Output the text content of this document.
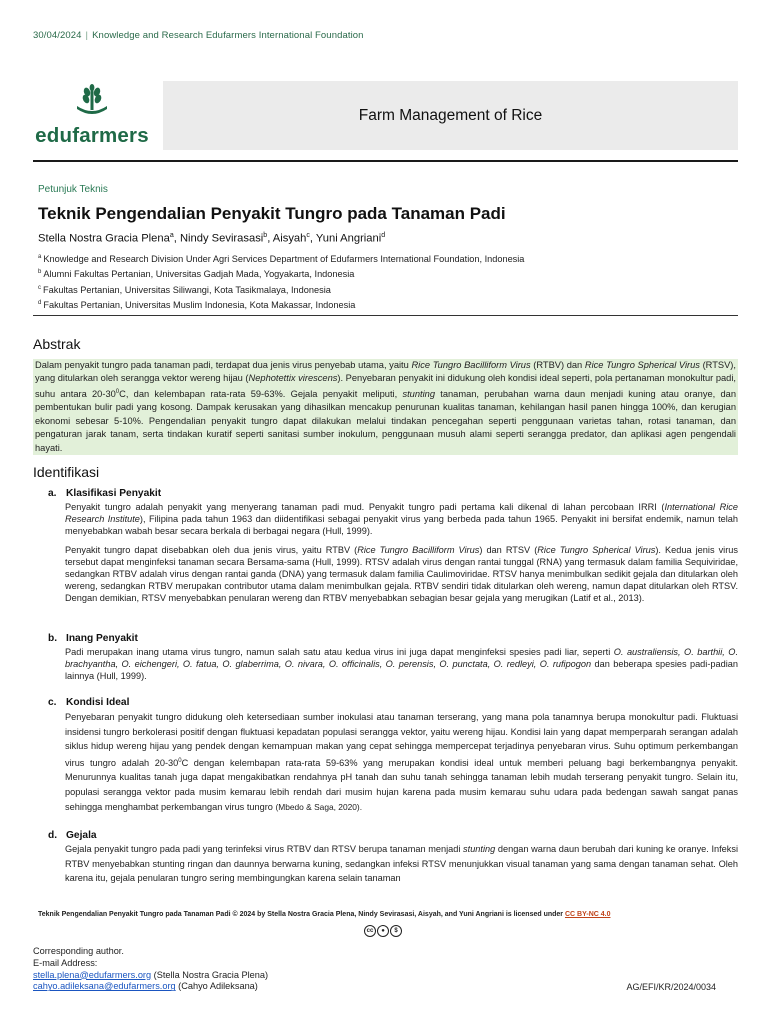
30/04/2024 | Knowledge and Research Edufarmers International Foundation
edufarmers
Farm Management of Rice
Petunjuk Teknis
Teknik Pengendalian Penyakit Tungro pada Tanaman Padi
Stella Nostra Gracia Plena$^a$, Nindy Sevirasasi$^b$, Aisyah$^c$, Yuni Angriani$^d$
$^a$ Knowledge and Research Division Under Agri Services Department of Edufarmers International Foundation, Indonesia
$^b$ Alumni Fakultas Pertanian, Universitas Gadjah Mada, Yogyakarta, Indonesia
$^c$ Fakultas Pertanian, Universitas Siliwangi, Kota Tasikmalaya, Indonesia
$^d$ Fakultas Pertanian, Universitas Muslim Indonesia, Kota Makassar, Indonesia
Abstrak
Dalam penyakit tungro pada tanaman padi, terdapat dua jenis virus penyebab utama, yaitu Rice Tungro Bacilliform Virus (RTBV) dan Rice Tungro Spherical Virus (RTSV), yang ditularkan oleh serangga vektor wereng hijau (Nephotettix virescens). Penyebaran penyakit ini didukung oleh kondisi ideal seperti, pola pertanaman monokultur padi, suhu antara $20-30^0C$, dan kelembapan rata-rata 59-63%. Gejala penyakit meliputi, stunting tanaman, perubahan warna daun menjadi kuning atau oranye, dan pembentukan bulir padi yang kosong. Dampak kerusakan yang dihasilkan mencakup penurunan kualitas tanaman, kehilangan hasil panen hingga 100%, dan kerugian ekonomi sebesar 5-10%. Pengendalian penyakit tungro dapat dilakukan melalui tindakan pencegahan seperti penggunaan varietas tahan, rotasi tanaman, dan pengaturan jarak tanam, serta tindakan kuratif seperti sanitasi sumber inokulum, penggunaan musuh alami seperti serangga predator, dan aplikasi agen pengendali hayati.
Identifikasi
a. Klasifikasi Penyakit

Penyakit tungro adalah penyakit yang menyerang tanaman padi mud. Penyakit tungro padi pertama kali dikenal di lahan percobaan IRRI (International Rice Research Institute), Filipina pada tahun 1963 dan diidentifikasi sebagai penyakit virus yang berbeda pada tahun 1965. Penyakit ini bersifat endemik, namun telah menyebabkan wabah besar secara berkala di berbagai negara (Hull, 1999).

Penyakit tungro dapat disebabkan oleh dua jenis virus, yaitu RTBV (Rice Tungro Bacilliform Virus) dan RTSV (Rice Tungro Spherical Virus). Kedua jenis virus tersebut dapat menginfeksi tanaman secara Bersama-sama (Hull, 1999). RTSV adalah virus dengan rantai tunggal (RNA) yang termasuk dalam familia Sequiviridae, sedangkan RTBV adalah virus dengan rantai ganda (DNA) yang termasuk dalam familia Caulimoviridae. RTSV hanya menimbulkan sedikit gejala dan ditularkan oleh wereng, sedangkan RTBV merupakan contributor utama dalam menimbulkan gejala. RTBV sendiri tidak ditularkan oleh wereng, namun dapat ditularkan oleh RTSV. Dengan demikian, RTSV menyebabkan penularan wereng dan RTBV menyebabkan sebagian besar gejala yang merugikan (Latif et al., 2013).

b. Inang Penyakit

Padi merupakan inang utama virus tungro, namun salah satu atau kedua virus ini juga dapat menginfeksi spesies padi liar, seperti O. australiensis, O. barthii, O. brachyantha, O. eichengeri, O. fatua, O. glaberrima, O. nivara, O. officinalis, O. perensis, O. punctata, O. redleyi, O. rufipogon dan beberapa spesies padi-padian lainnya (Hull, 1999).

c. Kondisi Ideal

Penyebaran penyakit tungro didukung oleh ketersediaan sumber inokulasi atau tanaman terserang, yang mana pola tanamnya berupa monokultur padi. Fluktuasi insidensi tungro berkolerasi positif dengan fluktuasi kepadatan populasi serangga vektor, yaitu wereng hijau. Kondisi lain yang dapat memperparah serangan adalah siklus hidup wereng hijau yang pendek dengan kemampuan makan yang cepat sehingga mempercepat terjadinya penyebaran virus. Suhu optimum perkembangan virus tungro adalah $20-30^0C$ dengan kelembapan rata-rata 59-63% yang merupakan kondisi ideal untuk memberi peluang bagi berkembangnya penyakit. Menurunnya kualitas tanah juga dapat mengakibatkan rendahnya pH tanah dan suhu tanah sehingga tanaman lebih mudah terserang penyakit tungro. Selain itu, populasi serangga vektor pada musim kemarau lebih rendah dari musim hujan karena pada musim kemarau suhu udara pada bedengan sawah sangat panas sehingga menghambat perkembangan virus tungro (Mbedo & Saga, 2020).

d. Gejala

Gejala penyakit tungro pada padi yang terinfeksi virus RTBV dan RTSV berupa tanaman menjadi stunting dengan warna daun berubah dari kuning ke oranye. Infeksi RTBV menyebabkan stunting ringan dan daunnya berwarna kuning, sedangkan infeksi RTSV menunjukkan visual tanaman yang sama dengan tanaman sehat. Oleh karena itu, gejala penularan tungro sering membingungkan karena selain tanaman

Teknik Pengendalian Penyakit Tungro pada Tanaman Padi © 2024 by Stella Nostra Gracia Plena, Nindy Sevirasasi, Aisyah, and Yuni Angriani is licensed under CC BY-NC 4.0
cc	●	$
Corresponding author.
E-mail Address:
stella.plena@edufarmers.org (Stella Nostra Gracia Plena)
cahyo.adileksana@edufarmers.org (Cahyo Adileksana)	AG/EFI/KR/2024/0034
